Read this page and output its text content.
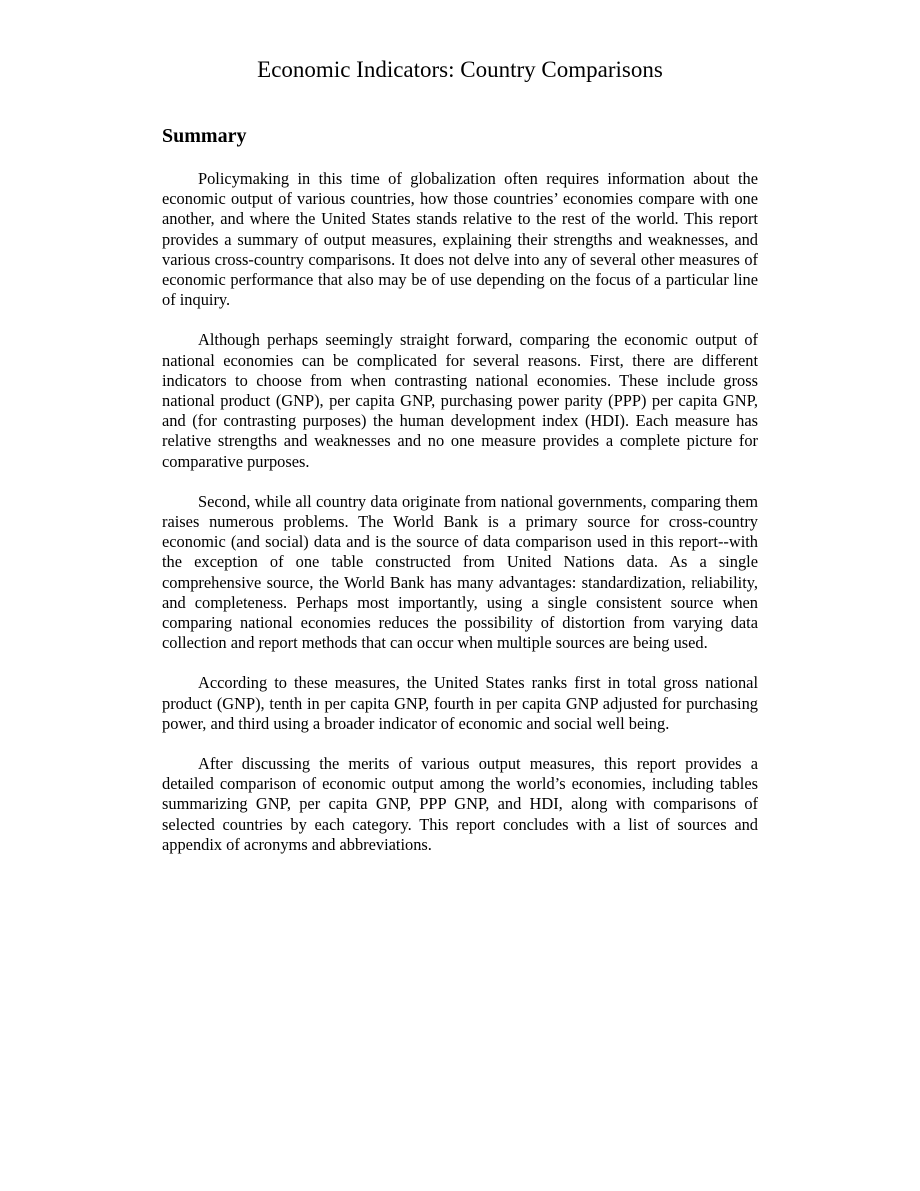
Economic Indicators: Country Comparisons
Summary

Policymaking in this time of globalization often requires information about the economic output of various countries, how those countries’ economies compare with one another, and where the United States stands relative to the rest of the world. This report provides a summary of output measures, explaining their strengths and weaknesses, and various cross-country comparisons. It does not delve into any of several other measures of economic performance that also may be of use depending on the focus of a particular line of inquiry.

Although perhaps seemingly straight forward, comparing the economic output of national economies can be complicated for several reasons. First, there are different indicators to choose from when contrasting national economies. These include gross national product (GNP), per capita GNP, purchasing power parity (PPP) per capita GNP, and (for contrasting purposes) the human development index (HDI). Each measure has relative strengths and weaknesses and no one measure provides a complete picture for comparative purposes.

Second, while all country data originate from national governments, comparing them raises numerous problems. The World Bank is a primary source for cross-country economic (and social) data and is the source of data comparison used in this report--with the exception of one table constructed from United Nations data. As a single comprehensive source, the World Bank has many advantages: standardization, reliability, and completeness. Perhaps most importantly, using a single consistent source when comparing national economies reduces the possibility of distortion from varying data collection and report methods that can occur when multiple sources are being used.

According to these measures, the United States ranks first in total gross national product (GNP), tenth in per capita GNP, fourth in per capita GNP adjusted for purchasing power, and third using a broader indicator of economic and social well being.

After discussing the merits of various output measures, this report provides a detailed comparison of economic output among the world’s economies, including tables summarizing GNP, per capita GNP, PPP GNP, and HDI, along with comparisons of selected countries by each category. This report concludes with a list of sources and appendix of acronyms and abbreviations.
